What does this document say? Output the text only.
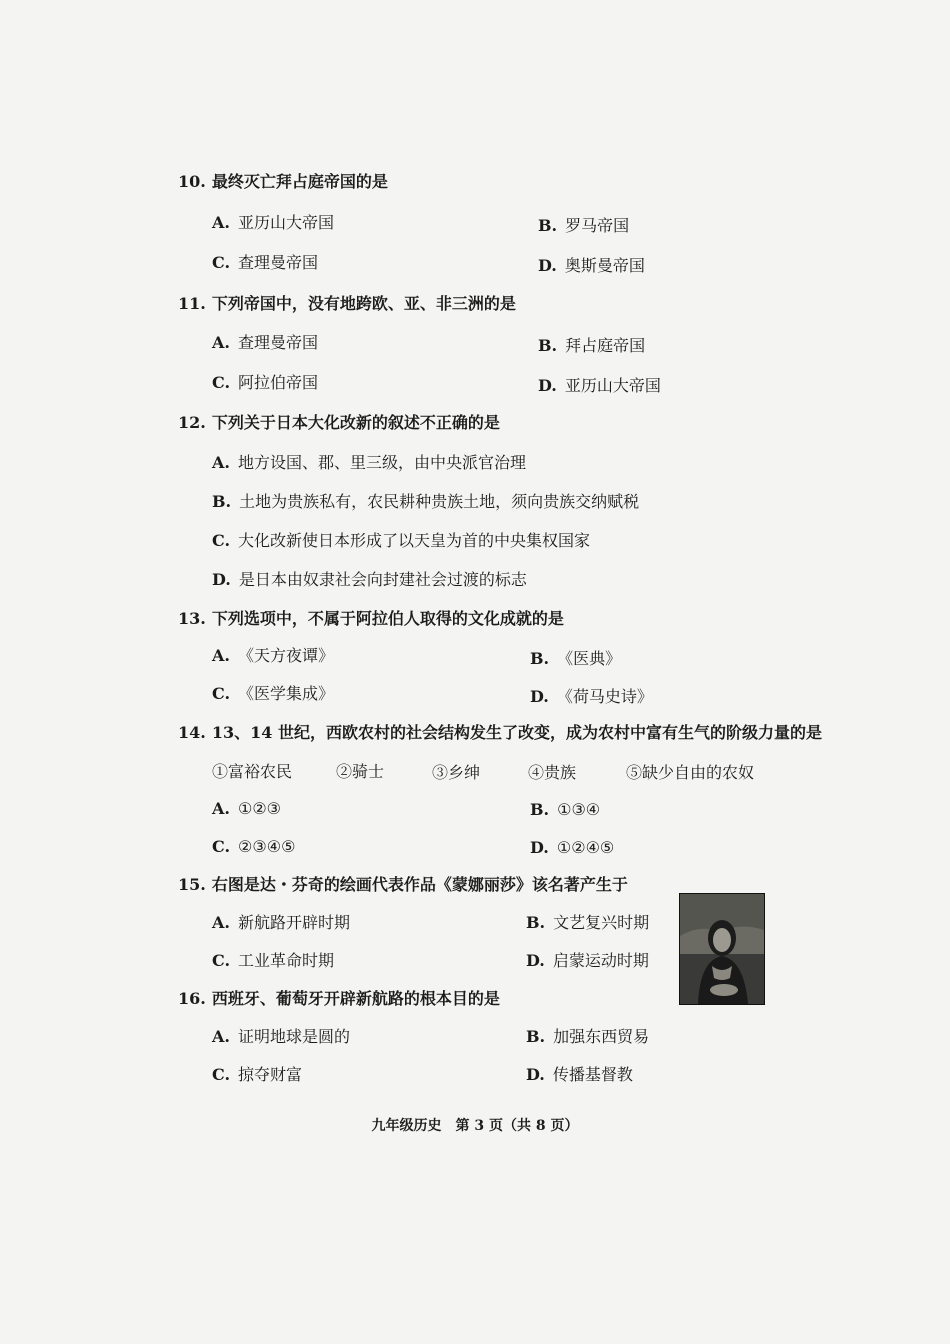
10. 最终灭亡拜占庭帝国的是
A. 亚历山大帝国	B. 罗马帝国
C. 查理曼帝国	D. 奥斯曼帝国
11. 下列帝国中，没有地跨欧、亚、非三洲的是
A. 查理曼帝国	B. 拜占庭帝国
C. 阿拉伯帝国	D. 亚历山大帝国
12. 下列关于日本大化改新的叙述不正确的是
A. 地方设国、郡、里三级，由中央派官治理
B. 土地为贵族私有，农民耕种贵族土地，须向贵族交纳赋税
C. 大化改新使日本形成了以天皇为首的中央集权国家
D. 是日本由奴隶社会向封建社会过渡的标志
13. 下列选项中，不属于阿拉伯人取得的文化成就的是
A. 《天方夜谭》	B. 《医典》
C. 《医学集成》	D. 《荷马史诗》
14. 13、14 世纪，西欧农村的社会结构发生了改变，成为农村中富有生气的阶级力量的是
①富裕农民	②骑士	③乡绅	④贵族	⑤缺少自由的农奴
A. ①②③	B. ①③④
C. ②③④⑤	D. ①②④⑤
15. 右图是达・芬奇的绘画代表作品《蒙娜丽莎》该名著产生于
A. 新航路开辟时期	B. 文艺复兴时期
C. 工业革命时期	D. 启蒙运动时期
16. 西班牙、葡萄牙开辟新航路的根本目的是
A. 证明地球是圆的	B. 加强东西贸易
C. 掠夺财富	D. 传播基督教
九年级历史　第 3 页（共 8 页）
